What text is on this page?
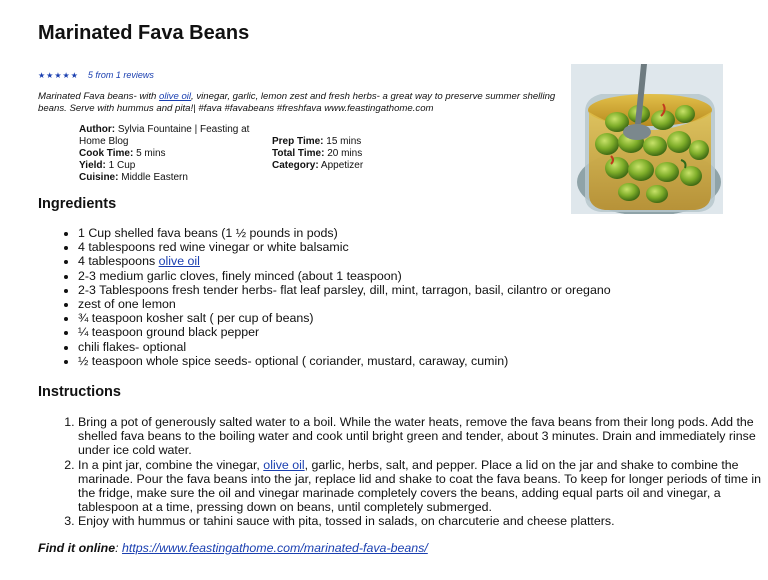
Marinated Fava Beans
★ ★ ★ ★ ★ 5 from 1 reviews

Marinated Fava beans- with olive oil, vinegar, garlic, lemon zest and fresh herbs- a great way to preserve summer shelling beans. Serve with hummus and pita!| #fava #favabeans #freshfava www.feastingathome.com

Author: Sylvia Fountaine | Feasting at Home Blog
Cook Time: 5 mins
Yield: 1 Cup
Cuisine: Middle Eastern
Prep Time: 15 mins
Total Time: 20 mins
Category: Appetizer
Ingredients
• 1 Cup shelled fava beans (1 ½ pounds in pods)
• 4 tablespoons red wine vinegar or white balsamic
• 4 tablespoons olive oil
• 2-3 medium garlic cloves, finely minced (about 1 teaspoon)
• 2-3 Tablespoons fresh tender herbs- flat leaf parsley, dill, mint, tarragon, basil, cilantro or oregano
• zest of one lemon
• ¾ teaspoon kosher salt ( per cup of beans)
• ¼ teaspoon ground black pepper
• chili flakes- optional
• ½ teaspoon whole spice seeds- optional ( coriander, mustard, caraway, cumin)
Instructions
1. Bring a pot of generously salted water to a boil. While the water heats, remove the fava beans from their long pods. Add the shelled fava beans to the boiling water and cook until bright green and tender, about 3 minutes. Drain and immediately rinse under ice cold water.
2. In a pint jar, combine the vinegar, olive oil, garlic, herbs, salt, and pepper. Place a lid on the jar and shake to combine the marinade. Pour the fava beans into the jar, replace lid and shake to coat the fava beans. To keep for longer periods of time in the fridge, make sure the oil and vinegar marinade completely covers the beans, adding equal parts oil and vinegar, a tablespoon at a time, pressing down on beans, until completely submerged.
3. Enjoy with hummus or tahini sauce with pita, tossed in salads, on charcuterie and cheese platters.
Find it online: https://www.feastingathome.com/marinated-fava-beans/
